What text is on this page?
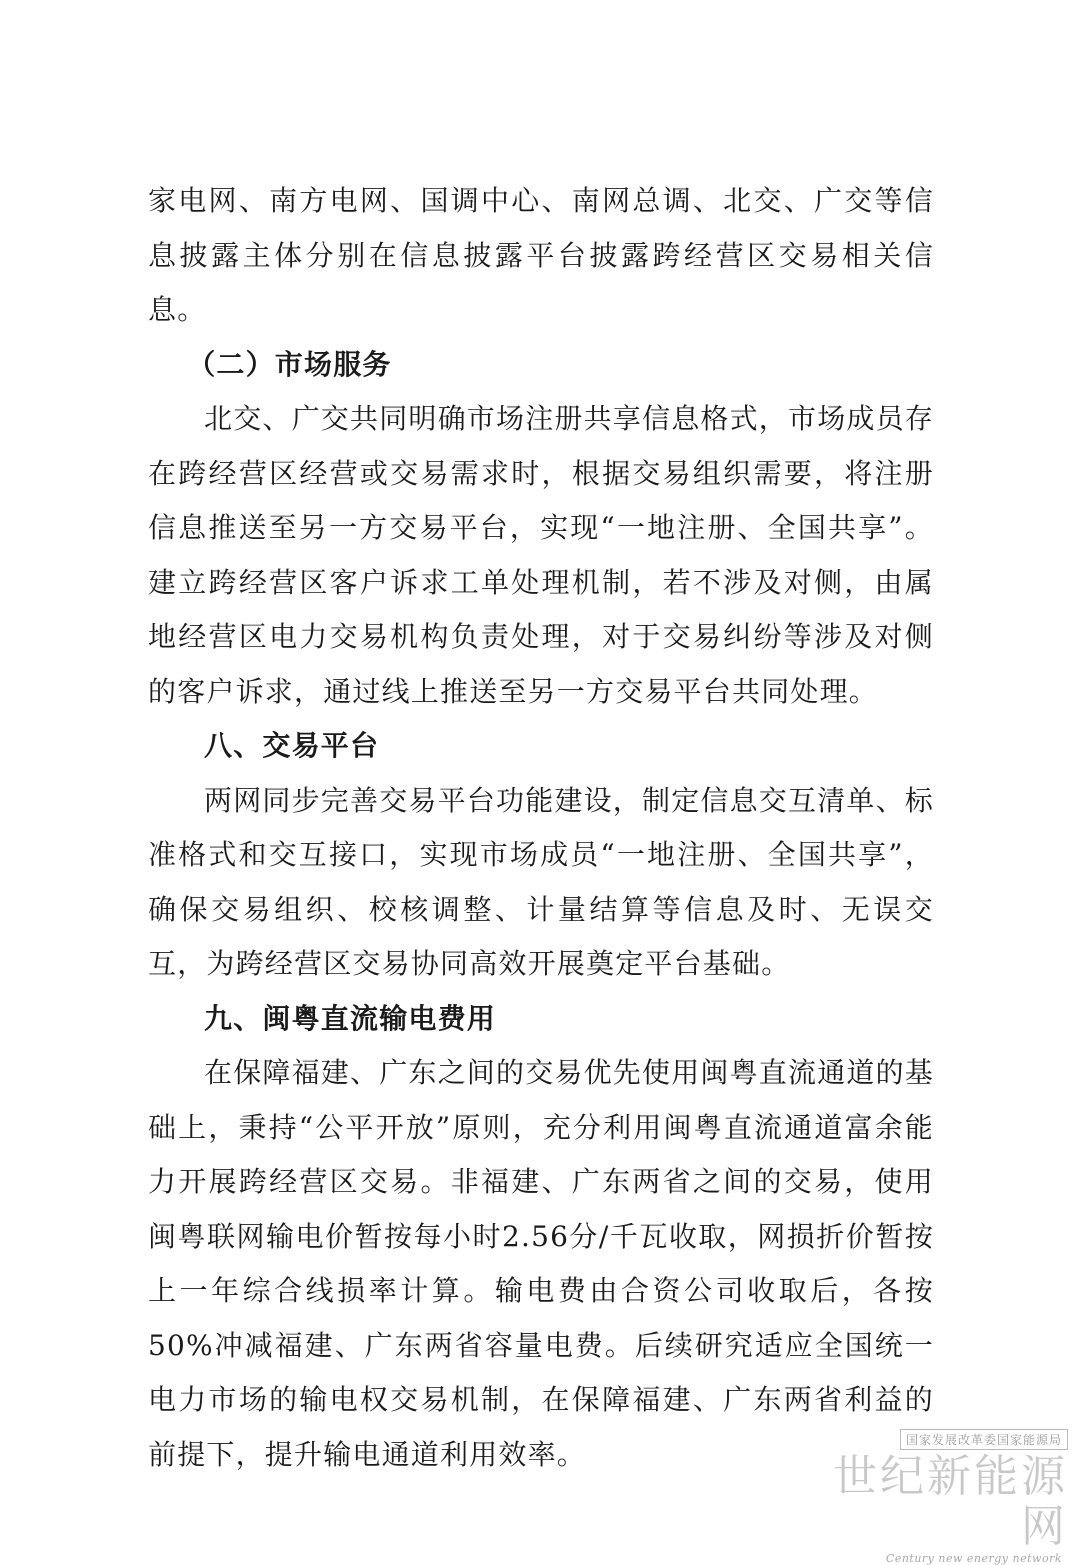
家电网、南方电网、国调中心、南网总调、北交、广交等信息披露主体分别在信息披露平台披露跨经营区交易相关信息。

（二）市场服务

北交、广交共同明确市场注册共享信息格式，市场成员存在跨经营区经营或交易需求时，根据交易组织需要，将注册信息推送至另一方交易平台，实现“一地注册、全国共享”。建立跨经营区客户诉求工单处理机制，若不涉及对侧，由属地经营区电力交易机构负责处理，对于交易纠纷等涉及对侧的客户诉求，通过线上推送至另一方交易平台共同处理。

八、交易平台

两网同步完善交易平台功能建设，制定信息交互清单、标准格式和交互接口，实现市场成员“一地注册、全国共享”，确保交易组织、校核调整、计量结算等信息及时、无误交互，为跨经营区交易协同高效开展奠定平台基础。

九、闽粤直流输电费用

在保障福建、广东之间的交易优先使用闽粤直流通道的基础上，秉持“公平开放”原则，充分利用闽粤直流通道富余能力开展跨经营区交易。非福建、广东两省之间的交易，使用闽粤联网输电价暂按每小时2.56分/千瓦收取，网损折价暂按上一年综合线损率计算。输电费由合资公司收取后，各按50%冲减福建、广东两省容量电费。后续研究适应全国统一电力市场的输电权交易机制，在保障福建、广东两省利益的前提下，提升输电通道利用效率。	国家发展改革委国家能源局
世纪新能源网
Century new energy network
